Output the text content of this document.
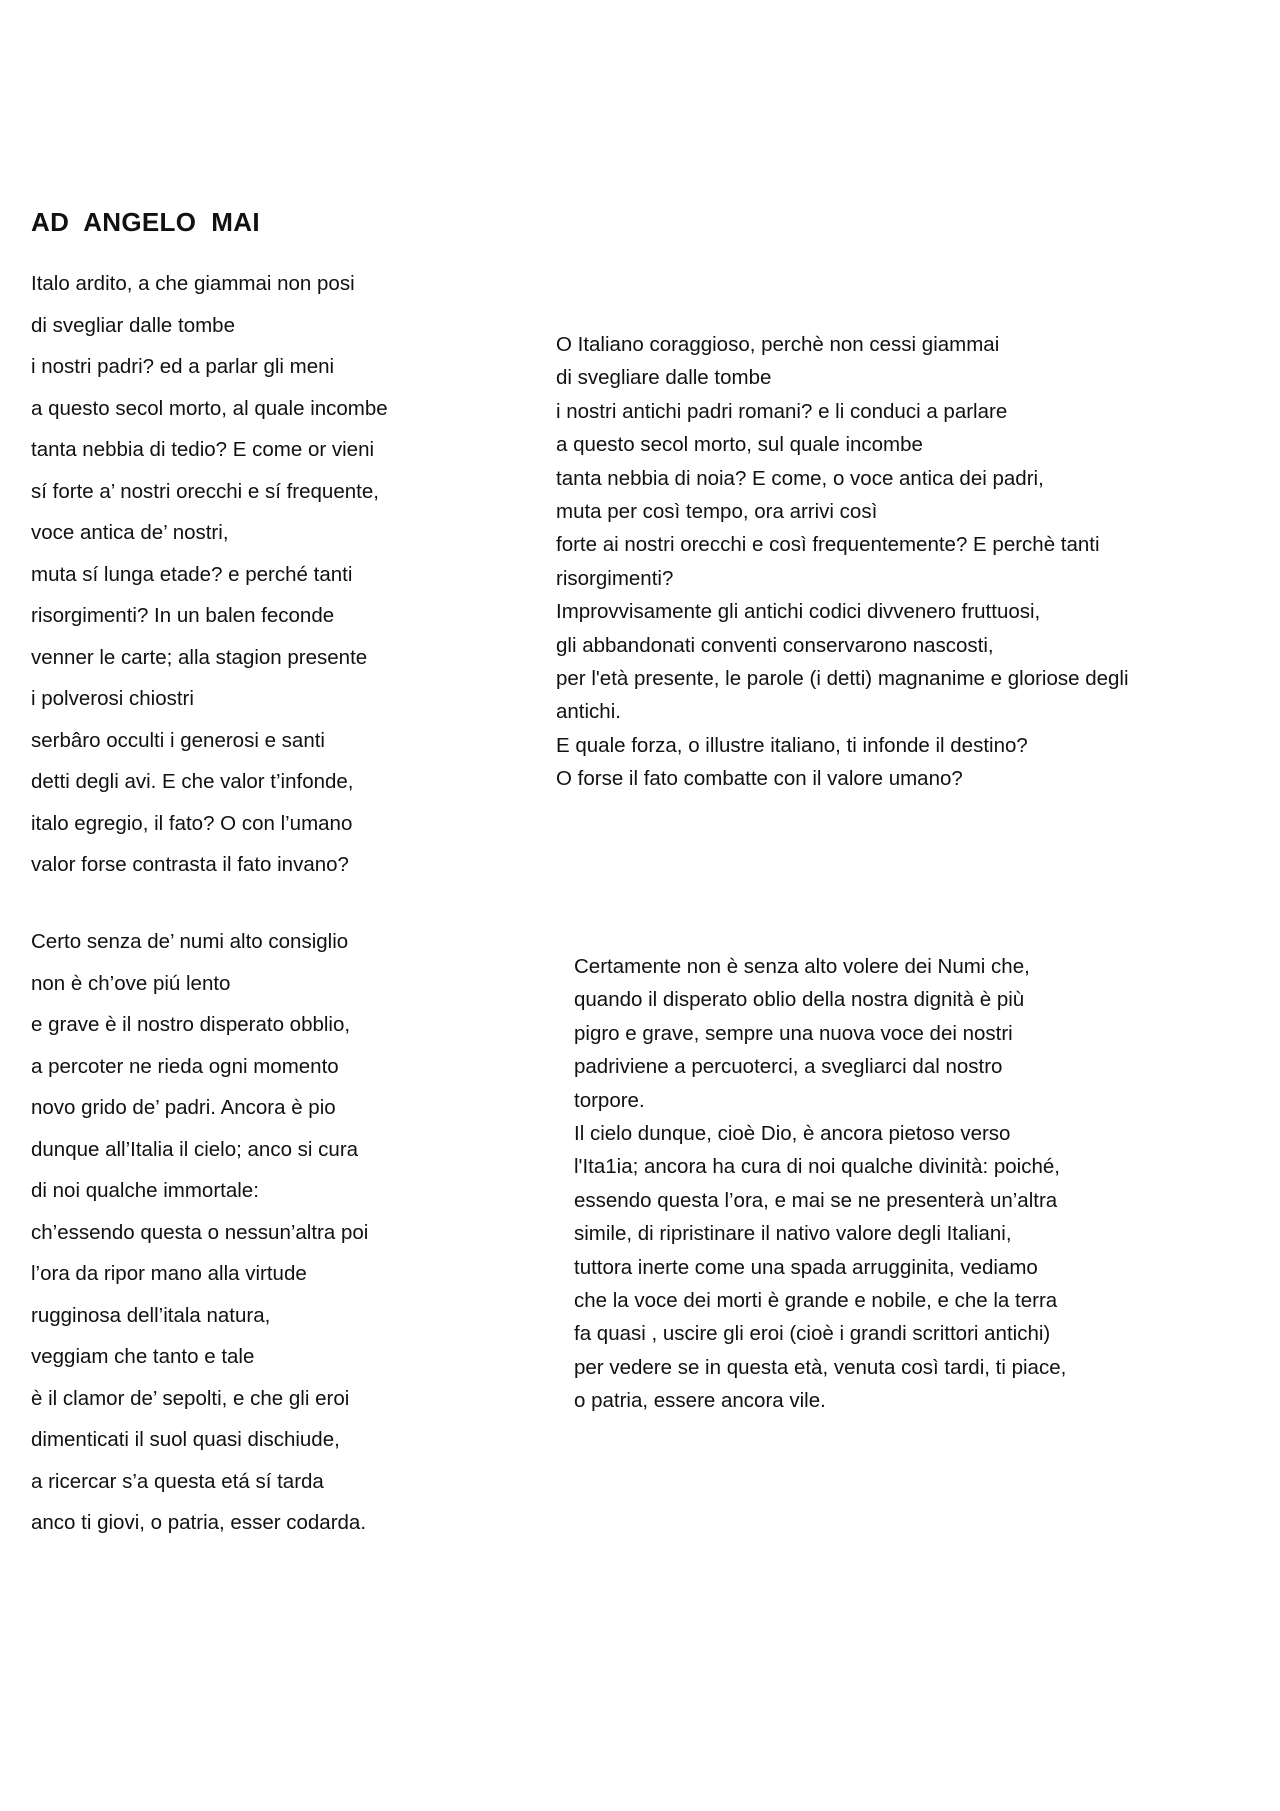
AD  ANGELO  MAI
Italo ardito, a che giammai non posi
di svegliar dalle tombe
i nostri padri? ed a parlar gli meni
a questo secol morto, al quale incombe
tanta nebbia di tedio? E come or vieni
sí forte a’ nostri orecchi e sí frequente,
voce antica de’ nostri,
muta sí lunga etade? e perché tanti
risorgimenti? In un balen feconde
venner le carte; alla stagion presente
i polverosi chiostri
serbâro occulti i generosi e santi
detti degli avi. E che valor t’infonde,
italo egregio, il fato? O con l’umano
valor forse contrasta il fato invano?
O Italiano coraggioso, perchè non cessi giammai
di svegliare dalle tombe
i nostri antichi padri romani? e li conduci a parlare
a questo secol morto, sul quale incombe
tanta nebbia di noia? E come, o voce antica dei padri,
muta per così tempo, ora arrivi così
forte ai nostri orecchi e così frequentemente? E perchè tanti
risorgimenti?
Improvvisamente gli antichi codici divvenero fruttuosi,
gli abbandonati conventi conservarono nascosti,
per l'età presente, le parole (i detti) magnanime e gloriose degli
antichi.
E quale forza, o illustre italiano, ti infonde il destino?
O forse il fato combatte con il valore umano?
Certo senza de’ numi alto consiglio
non è ch’ove piú lento
e grave è il nostro disperato obblio,
a percoter ne rieda ogni momento
novo grido de’ padri. Ancora è pio
dunque all’Italia il cielo; anco si cura
di noi qualche immortale:
ch’essendo questa o nessun’altra poi
l’ora da ripor mano alla virtude
rugginosa dell’itala natura,
veggiam che tanto e tale
è il clamor de’ sepolti, e che gli eroi
dimenticati il suol quasi dischiude,
a ricercar s’a questa etá sí tarda
anco ti giovi, o patria, esser codarda.
Certamente non è senza alto volere dei Numi che,
quando il disperato oblio della nostra dignità è più
pigro e grave, sempre una nuova voce dei nostri
padriviene a percuoterci, a svegliarci dal nostro
torpore.
Il cielo dunque, cioè Dio, è ancora pietoso verso
l'Ita1ia; ancora ha cura di noi qualche divinità: poiché,
essendo questa l’ora, e mai se ne presenterà un’altra
simile, di ripristinare il nativo valore degli Italiani,
tuttora inerte come una spada arrugginita, vediamo
che la voce dei morti è grande e nobile, e che la terra
fa quasi , uscire gli eroi (cioè i grandi scrittori antichi)
per vedere se in questa età, venuta così tardi, ti piace,
o patria, essere ancora vile.
